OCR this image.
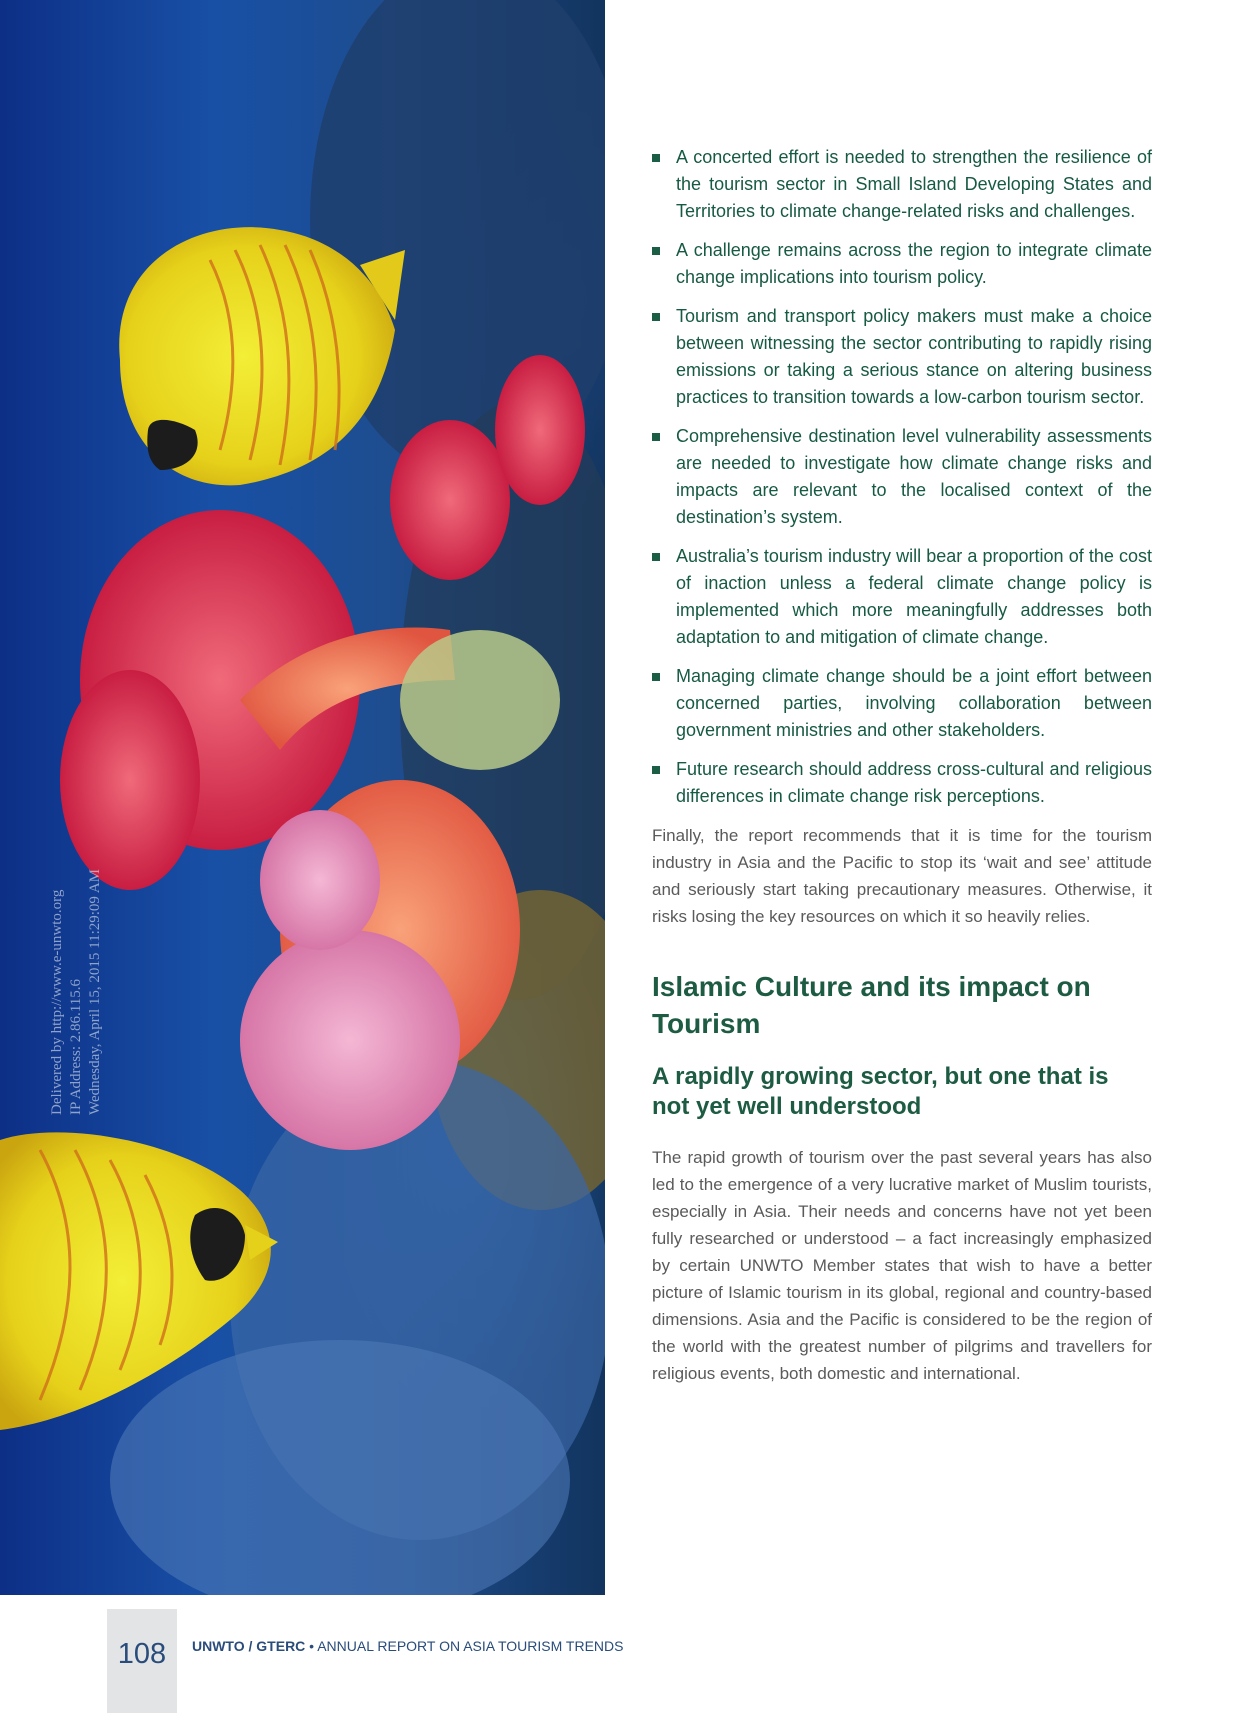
Delivered by http://www.e-unwto.org IP Address: 2.86.115.6 Wednesday, April 15, 2015 11:29:09 AM
A concerted effort is needed to strengthen the resilience of the tourism sector in Small Island Developing States and Territories to climate change-related risks and challenges.
A challenge remains across the region to integrate climate change implications into tourism policy.
Tourism and transport policy makers must make a choice between witnessing the sector contributing to rapidly rising emissions or taking a serious stance on altering business practices to transition towards a low-carbon tourism sector.
Comprehensive destination level vulnerability assessments are needed to investigate how climate change risks and impacts are relevant to the localised context of the destination’s system.
Australia’s tourism industry will bear a proportion of the cost of inaction unless a federal climate change policy is implemented which more meaningfully addresses both adaptation to and mitigation of climate change.
Managing climate change should be a joint effort between concerned parties, involving collaboration between government ministries and other stakeholders.
Future research should address cross-cultural and religious differences in climate change risk perceptions.

Finally, the report recommends that it is time for the tourism industry in Asia and the Pacific to stop its ‘wait and see’ attitude and seriously start taking precautionary measures. Otherwise, it risks losing the key resources on which it so heavily relies.

Islamic Culture and its impact on Tourism
A rapidly growing sector, but one that is not yet well understood

The rapid growth of tourism over the past several years has also led to the emergence of a very lucrative market of Muslim tourists, especially in Asia. Their needs and concerns have not yet been fully researched or understood – a fact increasingly emphasized by certain UNWTO Member states that wish to have a better picture of Islamic tourism in its global, regional and country-based dimensions. Asia and the Pacific is considered to be the region of the world with the greatest number of pilgrims and travellers for religious events, both domestic and international.

108	UNWTO / GTERC • ANNUAL REPORT ON ASIA TOURISM TRENDS
